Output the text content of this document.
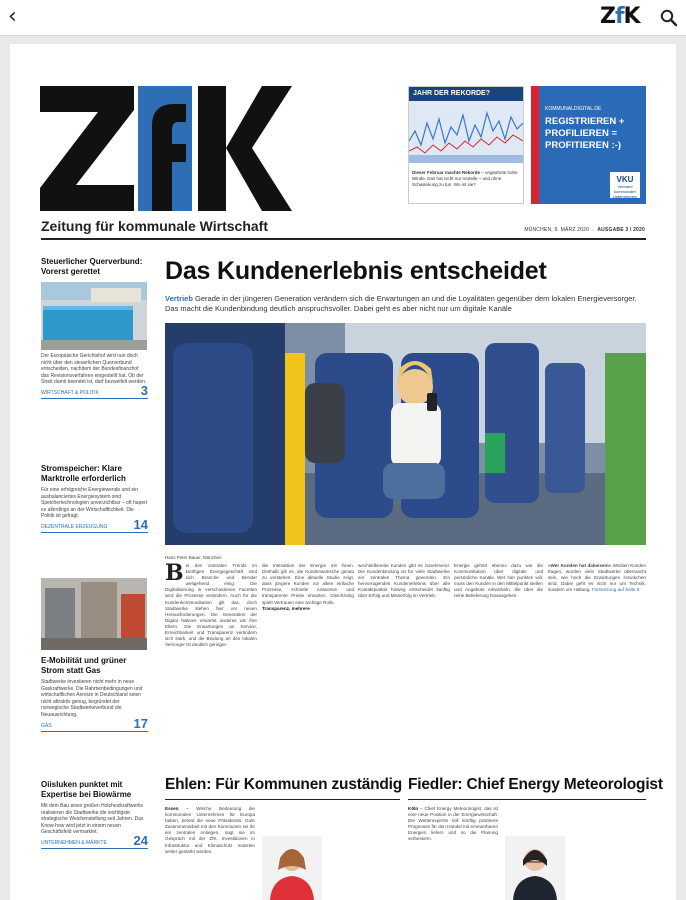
‹	ZfK
Zeitung für kommunale Wirtschaft	MÜNCHEN, 9. MÄRZ 2020  ·  AUSGABE 3 / 2020
JAHR DER REKORDE?
Dieser Februar machte Rekorde – ungeahnte hohe Winde. Das hat nicht nur Vorteile – und ohne Schwankung zu tun. Wo ist sie?
KOMMUNALDIGITAL.DE
REGISTRIEREN +
PROFILIEREN =
PROFITIEREN :-)
VKU
Verband kommunaler Unternehmen
Steuerlicher Querverbund: Vorerst gerettet

Der Europäische Gerichtshof wird nun doch nicht über den steuerlichen Querverbund entscheiden, nachdem der Bundesfinanzhof das Revisionsverfahren eingestellt hat. Ob der Streit damit beendet ist, darf bezweifelt werden.

WIRTSCHAFT & POLITIK	3
Stromspeicher: Klare Marktrolle erforderlich

Für eine erfolgreiche Energiewende und ein ausbalanciertes Energiesystem sind Speichertechnologien unverzichtbar – oft hapert es allerdings an der Wirtschaftlichkeit. Die Politik ist gefragt.

DEZENTRALE ERZEUGUNG 14
E-Mobilität und grüner Strom statt Gas

Stadtwerke investieren nicht mehr in neue Gaskraftwerke. Die Rahmenbedingungen und wirtschaftlichen Anreize in Deutschland seien nicht attraktiv genug, begründet der norwegische Stadtwerkeverbund die Neuausrichtung.

GAS	17
Oiisluken punktet mit Expertise bei Biowärme

Mit dem Bau eines großen Holzheizkraftwerks realisieren die Stadtwerke die wichtigste strategische Weichenstellung seit Jahren. Das Know-how wird jetzt in einem neuen Geschäftsfeld vermarktet.

UNTERNEHMEN & MÄRKTE 24
Das Kundenerlebnis entscheidet
Vertrieb Gerade in der jüngeren Generation verändern sich die Erwartungen an und die Loyalitäten gegenüber dem lokalen Energieversorger. Das macht die Kundenbindung deutlich anspruchsvoller. Dabei geht es aber nicht nur um digitale Kanäle
Hans Peter Bauer, München
Bei den zentralen Trends im künftigen Energiegeschäft sind sich Branche und Berater weitgehend einig: Die Digitalisierung in verschiedenen Facetten wird die Prozesse verändern. Auch für die Kundenkommunikation gilt das, doch Stadtwerke stehen hier vor neuen Herausforderungen. Die Generation der Digital Natives erwartet anderes als ihre Eltern. Die Erwartungen an Service, Erreichbarkeit und Transparenz verändern sich stark, und die Bindung an den lokalen Versorger ist deutlich geringer.
die Interaktion der Energie mit ihnen. Deshalb gilt es, die Kundenwünsche genau zu verstehen. Eine aktuelle Studie zeigt, dass jüngere Kunden vor allem einfache Prozesse, schnelle Antworten und transparente Preise erwarten. Gleichzeitig spielt Vertrauen eine wichtige Rolle.
Transparenz, mehrere
wechselbereite Kunden gibt es zunehmend. Die Kundenbindung ist für viele Stadtwerke ein zentrales Thema geworden. Ein hervorragendes Kundenerlebnis über alle Kontaktpunkte hinweg entscheidet künftig über Erfolg und Misserfolg im Vertrieb.
Energie gehört ebenso dazu wie die Kommunikation über digitale und persönliche Kanäle. Wer hier punkten will, muss den Kunden in den Mittelpunkt stellen und Angebote entwickeln, die über die reine Belieferung hinausgehen.
»Wer Kunden hat dabeisein« Würden Kunden fragen, würden viele Stadtwerke überrascht sein, wie hoch die Erwartungen inzwischen sind. Dabei geht es nicht nur um Technik, sondern um Haltung. Fortsetzung auf Seite 6
Ehlen: Für Kommunen zuständig
Essen – Welche Bedeutung die kommunalen Unternehmen für Europa haben, betont die neue Präsidentin. Gute Zusammenarbeit mit den Kommunen sei ihr ein zentrales Anliegen, sagt sie im Gespräch mit der ZfK. Investitionen in Infrastruktur und Klimaschutz müssten weiter gestärkt werden.
Fiedler: Chief Energy Meteorologist
Köln – Chief Energy Meteorologist, das ist eine neue Position in der Energiewirtschaft. Die Wetterexpertin soll künftig präzisere Prognosen für den Handel mit erneuerbaren Energien liefern und so die Planung verbessern.
